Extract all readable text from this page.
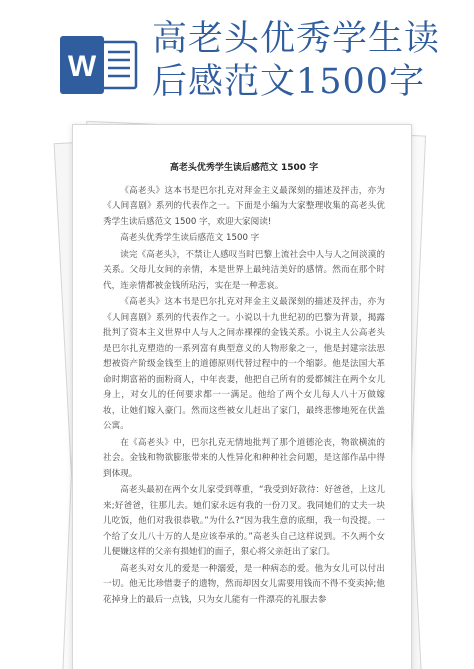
W
高老头优秀学生读
后感范文1500字
高老头优秀学生读后感范文 1500 字

《高老头》这本书是巴尔扎克对拜金主义最深刻的描述及抨击，亦为《人间喜剧》系列的代表作之一。下面是小编为大家整理收集的高老头优秀学生读后感范文 1500 字，欢迎大家阅读!

高老头优秀学生读后感范文 1500 字

读完《高老头》，不禁让人感叹当时巴黎上流社会中人与人之间淡漠的关系。父母儿女间的亲情，本是世界上最纯洁美好的感情。然而在那个时代，连亲情都被金钱所玷污，实在是一种悲哀。

《高老头》这本书是巴尔扎克对拜金主义最深刻的描述及抨击，亦为《人间喜剧》系列的代表作之一。小说以十九世纪初的巴黎为背景，揭露批判了资本主义世界中人与人之间赤裸裸的金钱关系。小说主人公高老头是巴尔扎克塑造的一系列富有典型意义的人物形象之一，他是封建宗法思想被资产阶级金钱至上的道德原则代替过程中的一个缩影。他是法国大革命时期富裕的面粉商人，中年丧妻，他把自己所有的爱都倾注在两个女儿身上，对女儿的任何要求都一一满足。他给了两个女儿每人八十万做嫁妆，让她们嫁入豪门。然而这些被女儿赶出了家门，最终悲惨地死在伏盖公寓。

在《高老头》中，巴尔扎克无情地批判了那个道德沦丧，物欲横流的社会。金钱和物欲膨胀带来的人性异化和种种社会问题，是这部作品中得到体现。

高老头最初在两个女儿家受到尊重，“我受到好款待：好爸爸，上这儿来;好爸爸，往那儿去。她们家永远有我的一份刀叉。我同她们的丈夫一块儿吃饭，他们对我很恭敬。”为什么?“因为我生意的底细，我一句没提。一个给了女儿八十万的人是应该奉承的。”高老头自己这样说到。不久两个女儿便嫌这样的父亲有损她们的面子，狠心将父亲赶出了家门。

高老头对女儿的爱是一种溺爱，是一种病态的爱。他为女儿可以付出一切。他无比珍惜妻子的遗物，然而却因女儿需要用钱而不得不变卖掉;他花掉身上的最后一点钱，只为女儿能有一件漂亮的礼服去参
